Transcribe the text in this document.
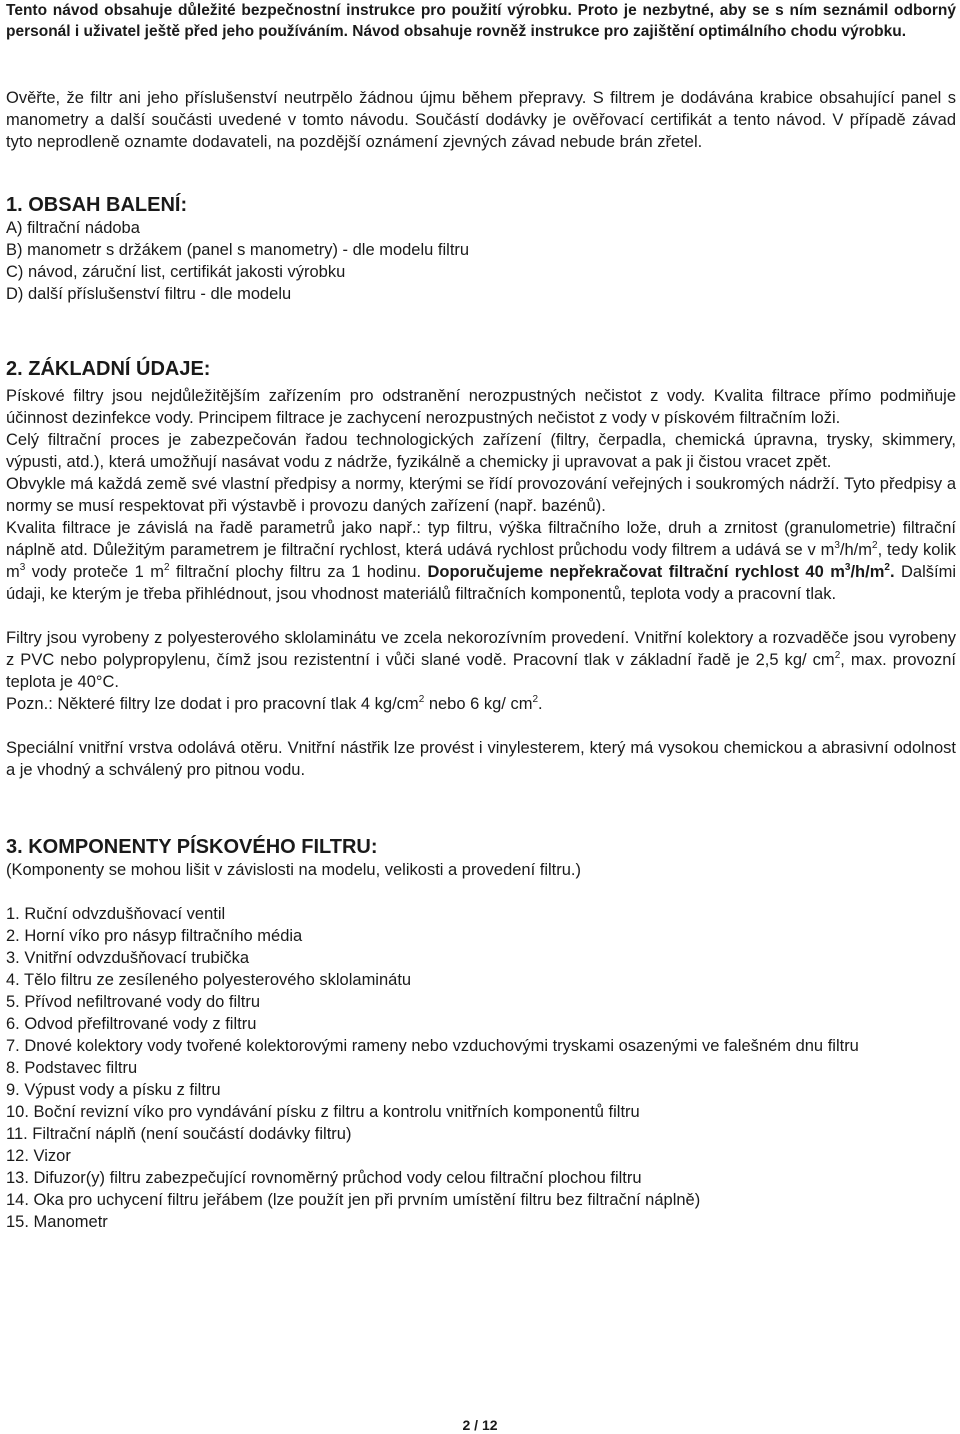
Tento návod obsahuje důležité bezpečnostní instrukce pro použití výrobku. Proto je nezbytné, aby se s ním seznámil odborný personál i uživatel ještě před jeho používáním. Návod obsahuje rovněž instrukce pro zajištění optimálního chodu výrobku.

Ověřte, že filtr ani jeho příslušenství neutrpělo žádnou újmu během přepravy. S filtrem je dodávána krabice obsahující panel s manometry a další součásti uvedené v tomto návodu. Součástí dodávky je ověřovací certifikát a tento návod. V případě závad tyto neprodleně oznamte dodavateli, na pozdější oznámení zjevných závad nebude brán zřetel.

1. OBSAH BALENÍ:
A) filtrační nádoba
B) manometr s držákem (panel s manometry) - dle modelu filtru
C) návod, záruční list, certifikát jakosti výrobku
D) další příslušenství filtru - dle modelu
2. ZÁKLADNÍ ÚDAJE:

Pískové filtry jsou nejdůležitějším zařízením pro odstranění nerozpustných nečistot z vody. Kvalita filtrace přímo podmiňuje účinnost dezinfekce vody. Principem filtrace je zachycení nerozpustných nečistot z vody v pískovém filtračním loži.

Celý filtrační proces je zabezpečován řadou technologických zařízení (filtry, čerpadla, chemická úpravna, trysky, skimmery, výpusti, atd.), která umožňují nasávat vodu z nádrže, fyzikálně a chemicky ji upravovat a pak ji čistou vracet zpět.

Obvykle má každá země své vlastní předpisy a normy, kterými se řídí provozování veřejných i soukromých nádrží. Tyto předpisy a normy se musí respektovat při výstavbě i provozu daných zařízení (např. bazénů).

Kvalita filtrace je závislá na řadě parametrů jako např.: typ filtru, výška filtračního lože, druh a zrnitost (granulometrie) filtrační náplně atd. Důležitým parametrem je filtrační rychlost, která udává rychlost průchodu vody filtrem a udává se v $m^3/h/m^2$, tedy kolik $m^3$ vody proteče 1 $m^2$ filtrační plochy filtru za 1 hodinu. Doporučujeme nepřekračovat filtrační rychlost 40 $m^3/h/m^2$. Dalšími údaji, ke kterým je třeba přihlédnout, jsou vhodnost materiálů filtračních komponentů, teplota vody a pracovní tlak.

Filtry jsou vyrobeny z polyesterového sklolaminátu ve zcela nekorozívním provedení. Vnitřní kolektory a rozvaděče jsou vyrobeny z PVC nebo polypropylenu, čímž jsou rezistentní i vůči slané vodě. Pracovní tlak v základní řadě je 2,5 kg/ $cm^2$, max. provozní teplota je 40°C.

Pozn.: Některé filtry lze dodat i pro pracovní tlak 4 $kg/cm^2$ nebo 6 kg/ $cm^2$.

Speciální vnitřní vrstva odolává otěru. Vnitřní nástřik lze provést i vinylesterem, který má vysokou chemickou a abrasivní odolnost a je vhodný a schválený pro pitnou vodu.

3. KOMPONENTY PÍSKOVÉHO FILTRU:

(Komponenty se mohou lišit v závislosti na modelu, velikosti a provedení filtru.)

1. Ruční odvzdušňovací ventil
2. Horní víko pro násyp filtračního média
3. Vnitřní odvzdušňovací trubička
4. Tělo filtru ze zesíleného polyesterového sklolaminátu
5. Přívod nefiltrované vody do filtru
6. Odvod přefiltrované vody z filtru
7. Dnové kolektory vody tvořené kolektorovými rameny nebo vzduchovými tryskami osazenými ve falešném dnu filtru
8. Podstavec filtru
9. Výpust vody a písku z filtru
10. Boční revizní víko pro vyndávání písku z filtru a kontrolu vnitřních komponentů filtru
11. Filtrační náplň (není součástí dodávky filtru)
12. Vizor
13. Difuzor(y) filtru zabezpečující rovnoměrný průchod vody celou filtrační plochou filtru
14. Oka pro uchycení filtru jeřábem (lze použít jen při prvním umístění filtru bez filtrační náplně)
15. Manometr
2 / 12
